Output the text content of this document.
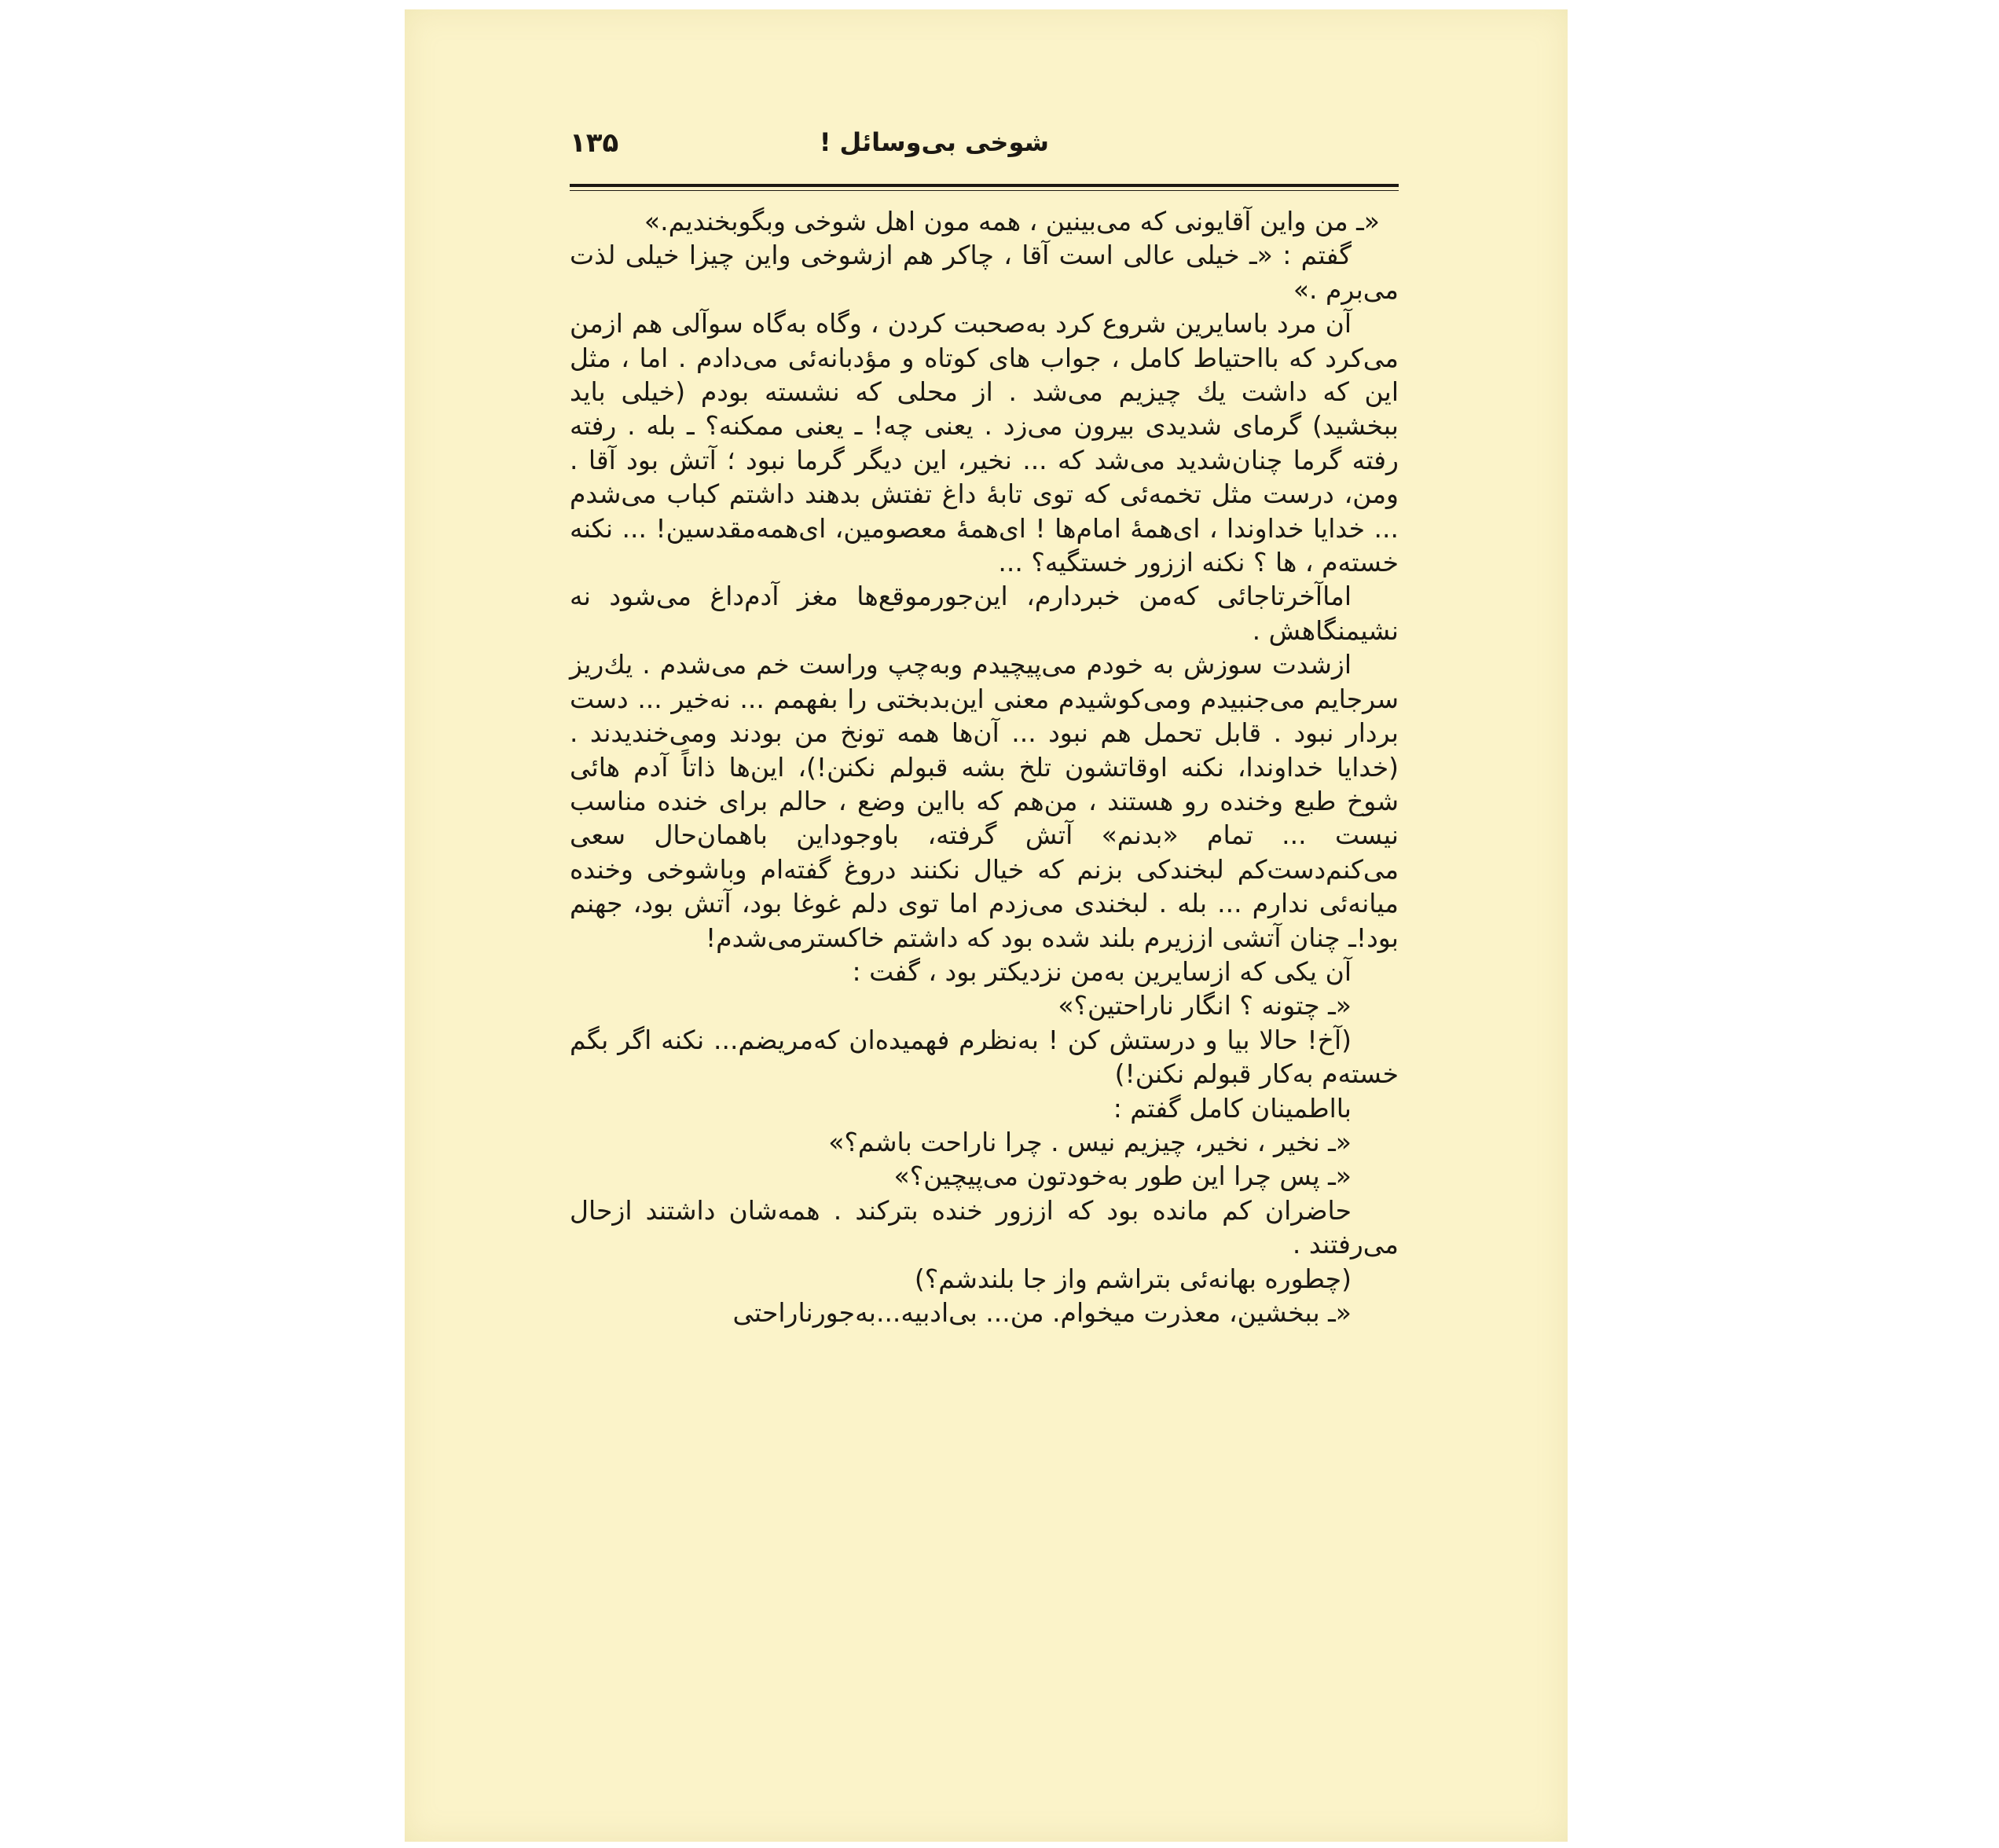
شوخی بی‌وسائل !
۱۳۵

«ـ من واین آقایونی که می‌بینین ، همه مون اهل شوخی وبگوبخندیم.»

گفتم : «ـ خیلی عالی است آقا ، چاکر هم ازشوخی واین چیزا خیلی لذت می‌برم .»

آن مرد باسایرین شروع کرد به‌صحبت کردن ، وگاه به‌گاه سوآلی هم ازمن می‌کرد که بااحتیاط کامل ، جواب های کوتاه و مؤدبانه‌ئی می‌دادم . اما ، مثل این که داشت یك چیزیم می‌شد . از محلی که نشسته بودم (خیلی باید ببخشید) گرمای شدیدی بیرون می‌زد . یعنی چه! ـ یعنی ممکنه؟ ـ بله . رفته رفته گرما چنان‌شدید می‌شد که ... نخیر، این دیگر گرما نبود ؛ آتش بود آقا . ومن، درست مثل تخمه‌ئی که توی تابهٔ داغ تفتش بدهند داشتم کباب می‌شدم ... خدایا خداوندا ، ای‌همهٔ امام‌ها ! ای‌همهٔ معصومین، ای‌همه‌مقدسین! ... نکنه خسته‌م ، ها ؟ نکنه اززور خستگیه؟ ...

اماآخرتاجائی که‌من خبردارم، این‌جورموقع‌ها مغز آدم‌داغ می‌شود نه نشیمنگاهش .

ازشدت سوزش به خودم می‌پیچیدم وبه‌چپ وراست خم می‌شدم . یك‌ریز سرجایم می‌جنبیدم ومی‌کوشیدم معنی این‌بدبختی را بفهمم ... نه‌خیر ... دست بردار نبود . قابل تحمل هم نبود ... آن‌ها همه تونخ من بودند ومی‌خندیدند . (خدایا خداوندا، نکنه اوقاتشون تلخ بشه قبولم نکنن!)، این‌ها ذاتاً آدم هائی شوخ طبع وخنده رو هستند ، من‌هم که بااین وضع ، حالم برای خنده مناسب نیست ... تمام «بدنم» آتش گرفته، باوجوداین باهمان‌حال سعی می‌کنم‌دست‌کم لبخندکی بزنم که خیال نکنند دروغ گفته‌ام وباشوخی وخنده میانه‌ئی ندارم ... بله . لبخندی می‌زدم اما توی دلم غوغا بود، آتش بود، جهنم بود!ـ چنان آتشی اززیرم بلند شده بود که داشتم خاکسترمی‌شدم!

آن یکی که ازسایرین به‌من نزدیکتر بود ، گفت :

«ـ چتونه ؟ انگار ناراحتین؟»

(آخ! حالا بیا و درستش کن ! به‌نظرم فهمیده‌ان که‌مریضم... نکنه اگر بگم خسته‌م به‌کار قبولم نکنن!)

بااطمینان کامل گفتم :

«ـ نخیر ، نخیر، چیزیم نیس . چرا ناراحت باشم؟»

«ـ پس چرا این طور به‌خودتون می‌پیچین؟»

حاضران کم مانده بود که اززور خنده بترکند . همه‌شان داشتند ازحال می‌رفتند .

(چطوره بهانه‌ئی بتراشم واز جا بلندشم؟)

«ـ ببخشین، معذرت میخوام. من... بی‌ادبیه...به‌جورناراحتی
